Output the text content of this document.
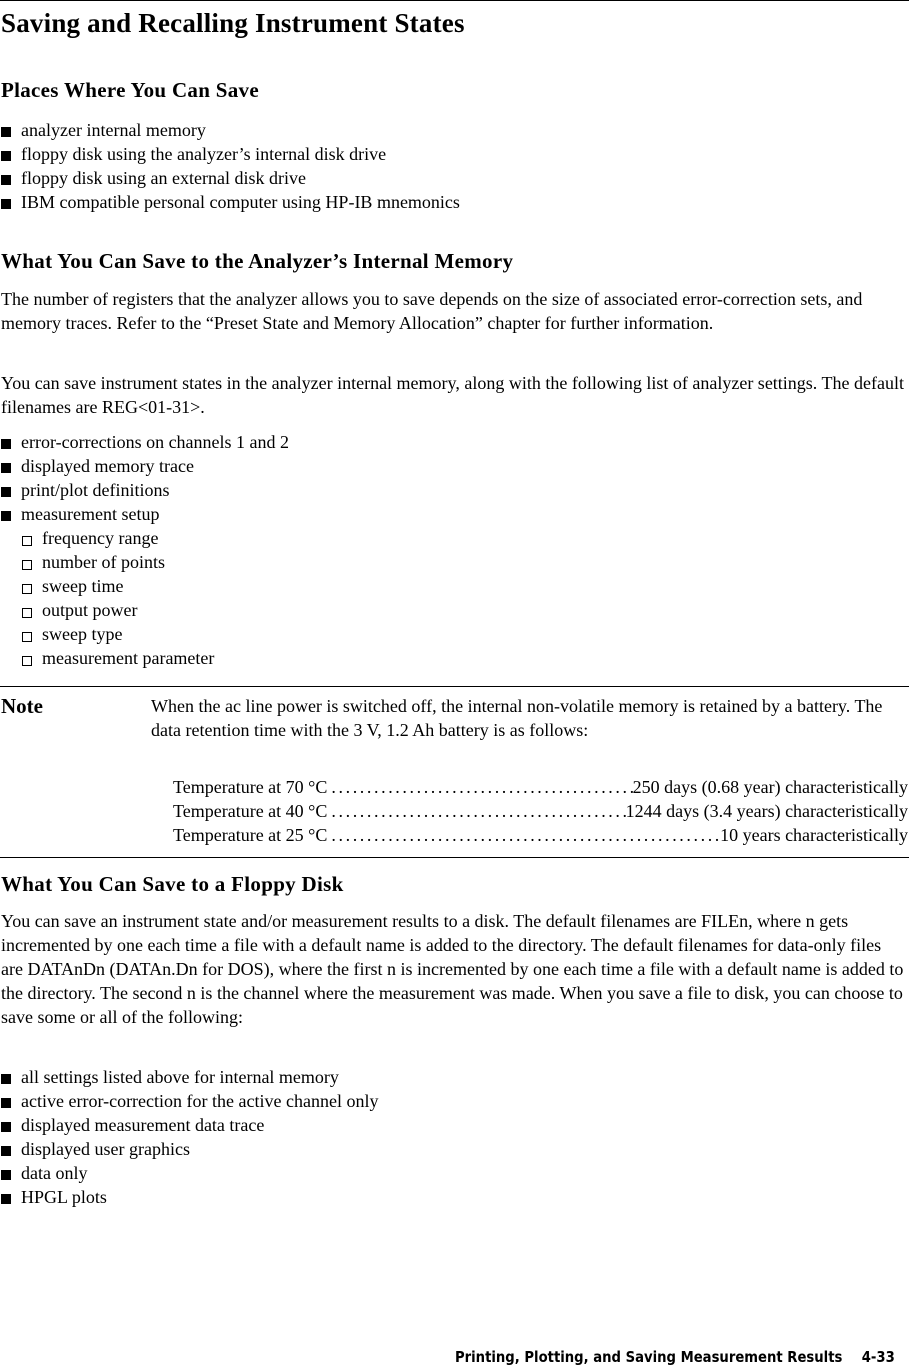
Saving and Recalling Instrument States
Places Where You Can Save
analyzer internal memory
floppy disk using the analyzer’s internal disk drive
floppy disk using an external disk drive
IBM compatible personal computer using HP-IB mnemonics
What You Can Save to the Analyzer’s Internal Memory

The number of registers that the analyzer allows you to save depends on the size of associated error-correction sets, and memory traces. Refer to the “Preset State and Memory Allocation” chapter for further information.

You can save instrument states in the analyzer internal memory, along with the following list of analyzer settings. The default filenames are REG<01-31>.

error-corrections on channels 1 and 2
displayed memory trace
print/plot definitions
measurement setup
frequency range
number of points
sweep time
output power
sweep type
measurement parameter
Note	When the ac line power is switched off, the internal non-volatile memory is retained by a battery. The data retention time with the 3 V, 1.2 Ah battery is as follows:
Temperature at 70 °C .....	250 days (0.68 year) characteristically
Temperature at 40 °C .....	1244 days (3.4 years) characteristically
Temperature at 25 °C .....	10 years characteristically
What You Can Save to a Floppy Disk

You can save an instrument state and/or measurement results to a disk. The default filenames are FILEn, where n gets incremented by one each time a file with a default name is added to the directory. The default filenames for data-only files are DATAnDn (DATAn.Dn for DOS), where the first n is incremented by one each time a file with a default name is added to the directory. The second n is the channel where the measurement was made. When you save a file to disk, you can choose to save some or all of the following:

all settings listed above for internal memory
active error-correction for the active channel only
displayed measurement data trace
displayed user graphics
data only
HPGL plots
Printing, Plotting, and Saving Measurement Results 4-33
